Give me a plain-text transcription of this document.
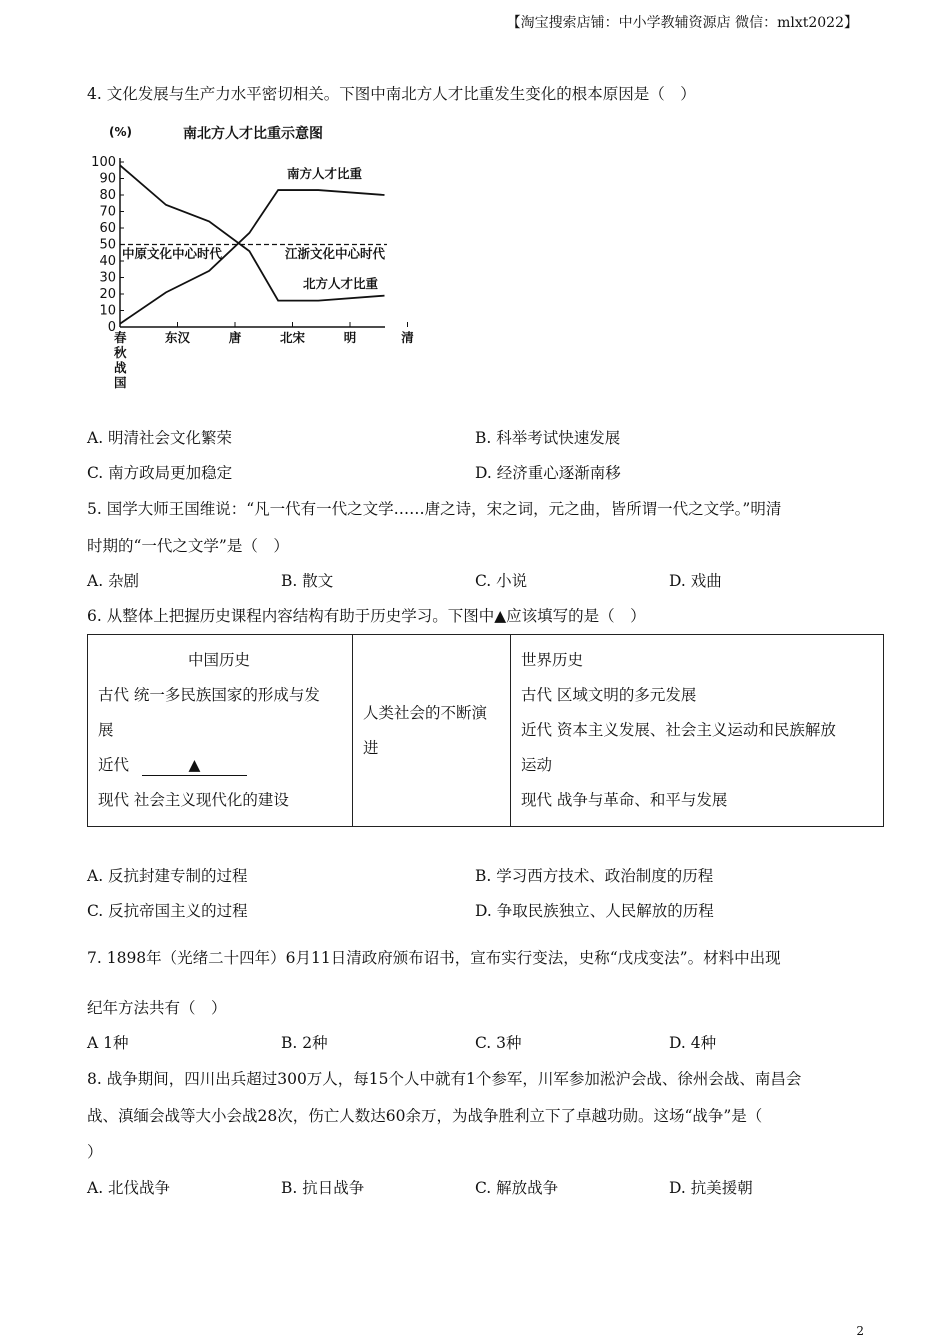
【淘宝搜索店铺：中小学教辅资源店 微信：mlxt2022】
4. 文化发展与生产力水平密切相关。下图中南北方人才比重发生变化的根本原因是（　）
南北方人才比重示意图
(%)
0
10
20
30
40
50
60
70
80
90
100
春秋战国
东汉	唐	北宋	明	清
中原文化中心时代	江浙文化中心时代
南方人才比重
北方人才比重
A. 明清社会文化繁荣	B. 科举考试快速发展
C. 南方政局更加稳定	D. 经济重心逐渐南移
5. 国学大师王国维说：“凡一代有一代之文学……唐之诗，宋之词，元之曲，皆所谓一代之文学。”明清
时期的“一代之文学”是（　）
A. 杂剧	B. 散文	C. 小说	D. 戏曲
6. 从整体上把握历史课程内容结构有助于历史学习。下图中▲应该填写的是（　）
中国历史
古代 统一多民族国家的形成与发
展
近代	▲
现代 社会主义现代化的建设

人类社会的不断演
进

世界历史
古代 区域文明的多元发展
近代 资本主义发展、社会主义运动和民族解放
运动
现代 战争与革命、和平与发展
A. 反抗封建专制的过程	B. 学习西方技术、政治制度的历程
C. 反抗帝国主义的过程	D. 争取民族独立、人民解放的历程
7. 1898年（光绪二十四年）6月11日清政府颁布诏书，宣布实行变法，史称“戊戌变法”。材料中出现
纪年方法共有（　）
A 1种	B. 2种	C. 3种	D. 4种
8. 战争期间，四川出兵超过300万人，每15个人中就有1个参军，川军参加淞沪会战、徐州会战、南昌会
战、滇缅会战等大小会战28次，伤亡人数达60余万，为战争胜利立下了卓越功勋。这场“战争”是（
）
A. 北伐战争	B. 抗日战争	C. 解放战争	D. 抗美援朝
2
